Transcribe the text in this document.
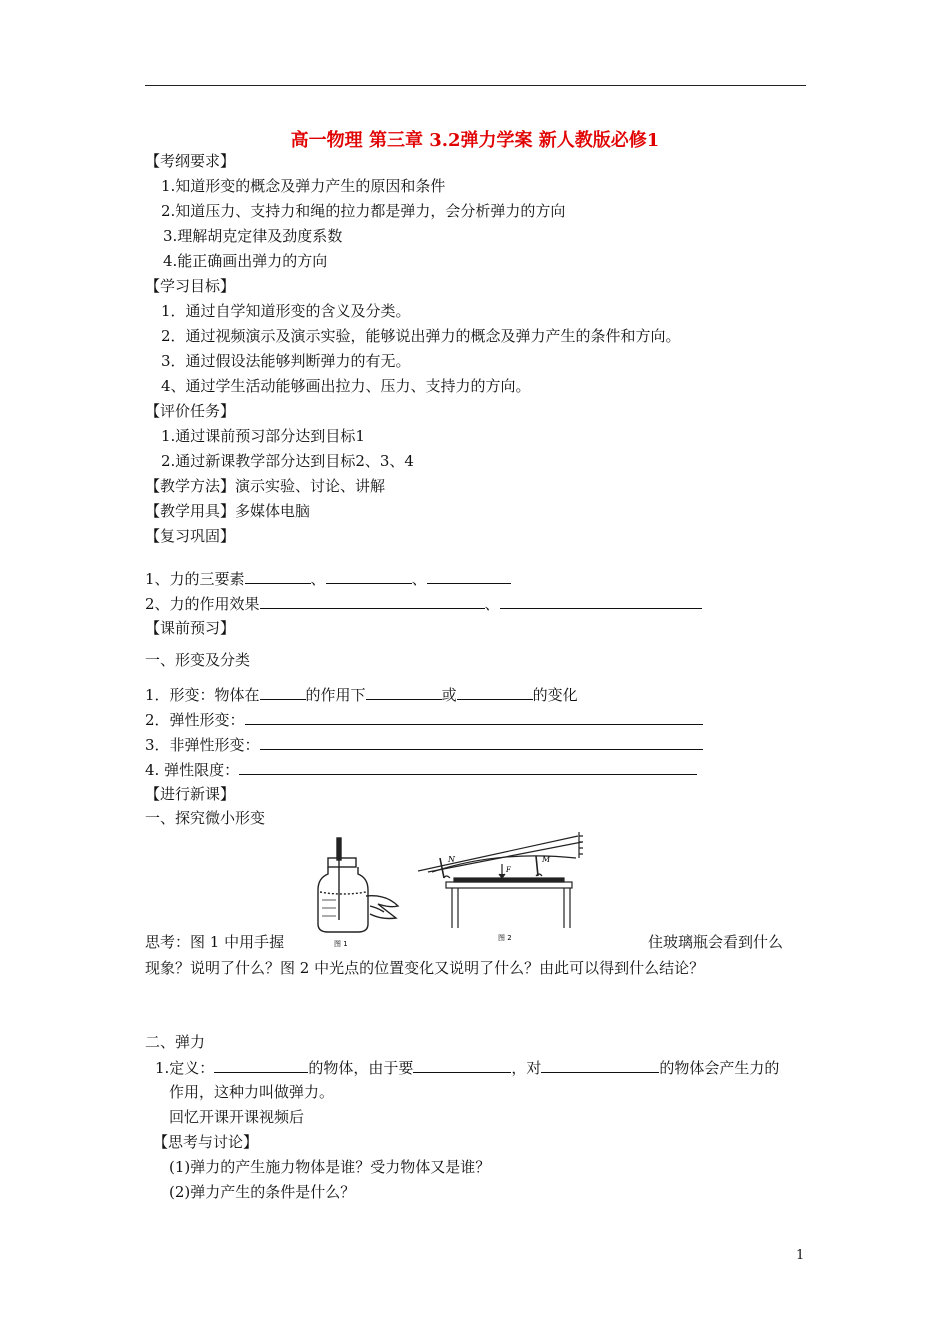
高一物理 第三章 3.2弹力学案 新人教版必修1
【考纲要求】
1.知道形变的概念及弹力产生的原因和条件
2.知道压力、支持力和绳的拉力都是弹力，会分析弹力的方向
3.理解胡克定律及劲度系数
4.能正确画出弹力的方向
【学习目标】
1．通过自学知道形变的含义及分类。
2．通过视频演示及演示实验，能够说出弹力的概念及弹力产生的条件和方向。
3．通过假设法能够判断弹力的有无。
4、通过学生活动能够画出拉力、压力、支持力的方向。
【评价任务】
1.通过课前预习部分达到目标1
2.通过新课教学部分达到目标2、3、4
【教学方法】演示实验、讨论、讲解
【教学用具】多媒体电脑
【复习巩固】
1、力的三要素	、	、
2、力的作用效果	、
【课前预习】
一、形变及分类
1．形变：物体在	的作用下	或	的变化
2．弹性形变：
3．非弹性形变：
4. 弹性限度：
【进行新课】
一、探究微小形变
图 1
N	M
F
图 2
思考：图 1 中用手握	住玻璃瓶会看到什么
现象？说明了什么？图 2 中光点的位置变化又说明了什么？由此可以得到什么结论？
二、弹力
1.定义：	的物体，由于要	，对	的物体会产生力的
作用，这种力叫做弹力。
回忆开课开课视频后
【思考与讨论】
(1)弹力的产生施力物体是谁？受力物体又是谁？
(2)弹力产生的条件是什么？
1
